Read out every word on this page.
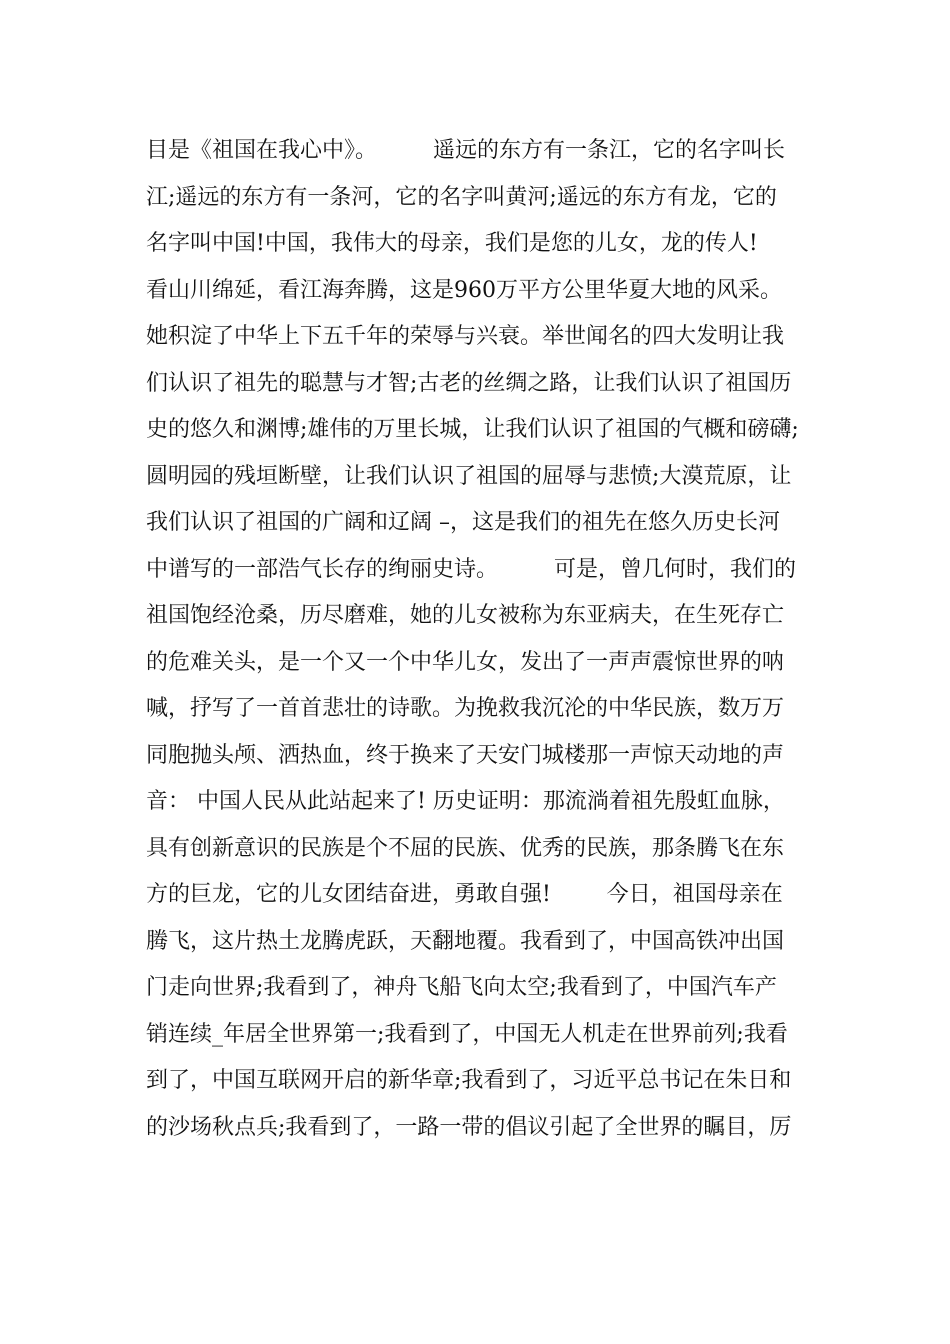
目是《祖国在我心中》。        遥远的东方有一条江，它的名字叫长
江;遥远的东方有一条河，它的名字叫黄河;遥远的东方有龙，它的
名字叫中国!中国，我伟大的母亲，我们是您的儿女，龙的传人!
看山川绵延，看江海奔腾，这是960万平方公里华夏大地的风采。
她积淀了中华上下五千年的荣辱与兴衰。举世闻名的四大发明让我
们认识了祖先的聪慧与才智;古老的丝绸之路，让我们认识了祖国历
史的悠久和渊博;雄伟的万里长城，让我们认识了祖国的气概和磅礴;
圆明园的残垣断壁，让我们认识了祖国的屈辱与悲愤;大漠荒原，让
我们认识了祖国的广阔和辽阔 –，这是我们的祖先在悠久历史长河
中谱写的一部浩气长存的绚丽史诗。        可是，曾几何时，我们的
祖国饱经沧桑，历尽磨难，她的儿女被称为东亚病夫，在生死存亡
的危难关头，是一个又一个中华儿女，发出了一声声震惊世界的呐
喊，抒写了一首首悲壮的诗歌。为挽救我沉沦的中华民族，数万万
同胞抛头颅、洒热血，终于换来了天安门城楼那一声惊天动地的声
音： 中国人民从此站起来了! 历史证明：那流淌着祖先殷虹血脉，
具有创新意识的民族是个不屈的民族、优秀的民族，那条腾飞在东
方的巨龙，它的儿女团结奋进，勇敢自强!        今日，祖国母亲在
腾飞，这片热土龙腾虎跃，天翻地覆。我看到了，中国高铁冲出国
门走向世界;我看到了，神舟飞船飞向太空;我看到了，中国汽车产
销连续_年居全世界第一;我看到了，中国无人机走在世界前列;我看
到了，中国互联网开启的新华章;我看到了，习近平总书记在朱日和
的沙场秋点兵;我看到了，一路一带的倡议引起了全世界的瞩目，厉
